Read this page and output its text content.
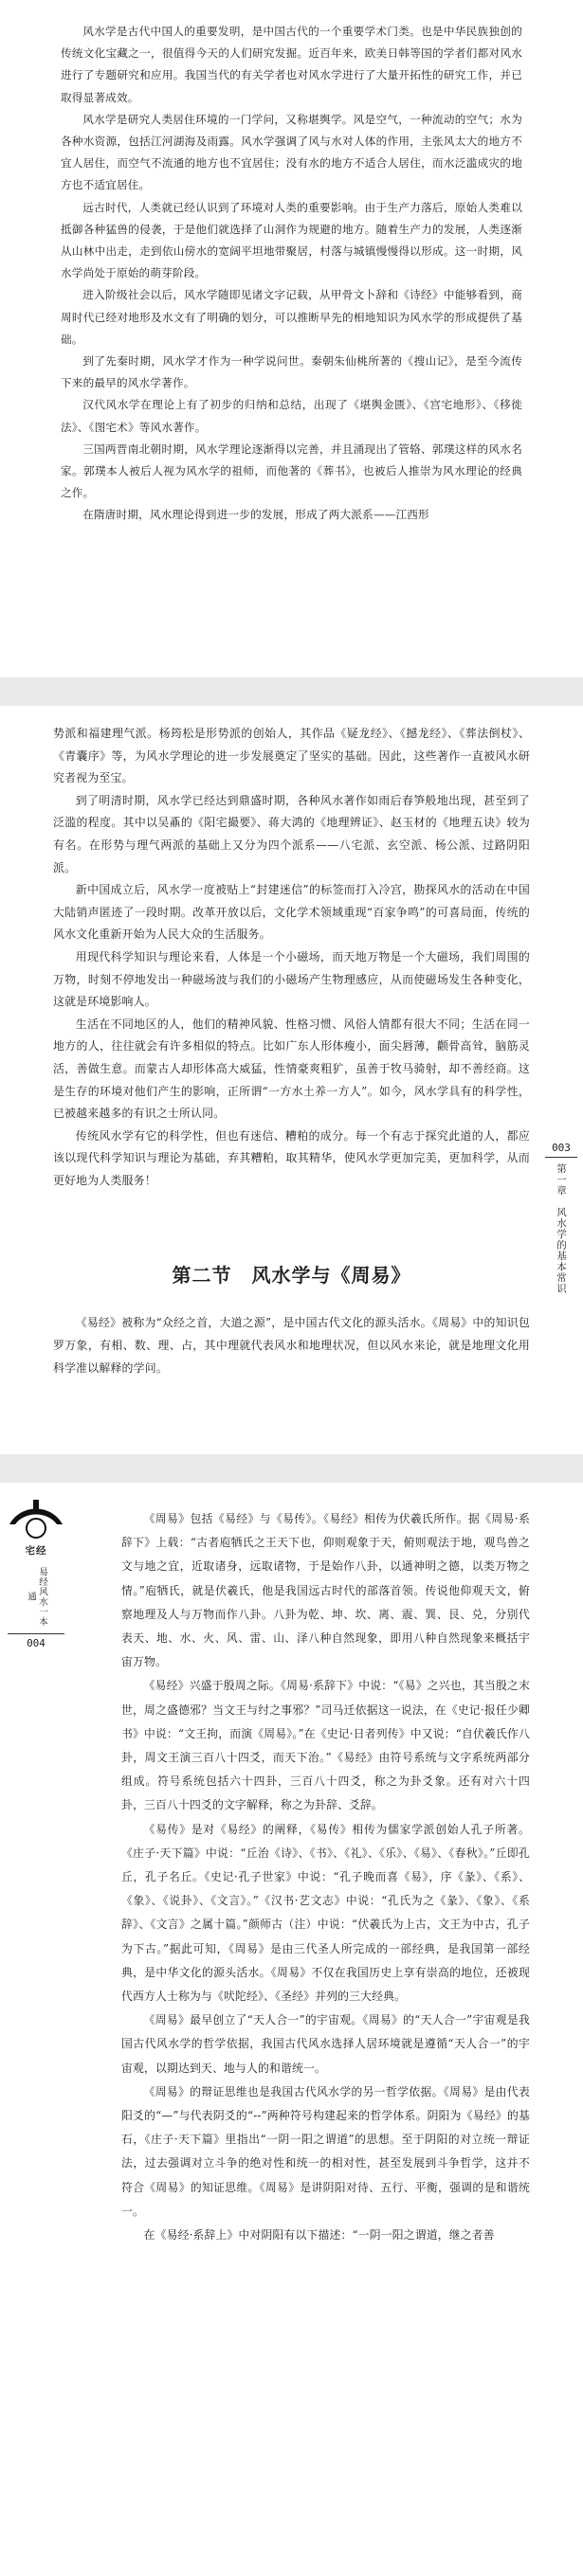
风水学是古代中国人的重要发明，是中国古代的一个重要学术门类。也是中华民族独创的传统文化宝藏之一，很值得今天的人们研究发掘。近百年来，欧美日韩等国的学者们都对风水进行了专题研究和应用。我国当代的有关学者也对风水学进行了大量开拓性的研究工作，并已取得显著成效。

风水学是研究人类居住环境的一门学问，又称堪舆学。风是空气，一种流动的空气；水为各种水资源，包括江河湖海及雨露。风水学强调了风与水对人体的作用，主张风太大的地方不宜人居住，而空气不流通的地方也不宜居住；没有水的地方不适合人居住，而水泛滥成灾的地方也不适宜居住。

远古时代，人类就已经认识到了环境对人类的重要影响。由于生产力落后，原始人类难以抵御各种猛兽的侵袭，于是他们就选择了山洞作为规避的地方。随着生产力的发展，人类逐渐从山林中出走，走到依山傍水的宽阔平坦地带聚居，村落与城镇慢慢得以形成。这一时期，风水学尚处于原始的萌芽阶段。

进入阶级社会以后，风水学随即见诸文字记载，从甲骨文卜辞和《诗经》中能够看到，商周时代已经对地形及水文有了明确的划分，可以推断早先的相地知识为风水学的形成提供了基础。

到了先秦时期，风水学才作为一种学说问世。秦朝朱仙桃所著的《搜山记》，是至今流传下来的最早的风水学著作。

汉代风水学在理论上有了初步的归纳和总结，出现了《堪舆金匮》、《宫宅地形》、《移徙法》、《图宅术》等风水著作。

三国两晋南北朝时期，风水学理论逐渐得以完善，并且涌现出了管辂、郭璞这样的风水名家。郭璞本人被后人视为风水学的祖师，而他著的《葬书》，也被后人推崇为风水理论的经典之作。

在隋唐时期，风水理论得到进一步的发展，形成了两大派系——江西形

势派和福建理气派。杨筠松是形势派的创始人，其作品《疑龙经》、《撼龙经》、《葬法倒杖》、《青囊序》等，为风水学理论的进一步发展奠定了坚实的基础。因此，这些著作一直被风水研究者视为至宝。

到了明清时期，风水学已经达到鼎盛时期，各种风水著作如雨后春笋般地出现，甚至到了泛滥的程度。其中以吴鼒的《阳宅撮要》、蒋大鸿的《地理辨证》、赵玉材的《地理五诀》较为有名。在形势与理气两派的基础上又分为四个派系——八宅派、玄空派、杨公派、过路阴阳派。

新中国成立后，风水学一度被贴上“封建迷信”的标签而打入冷宫，勘探风水的活动在中国大陆销声匿迹了一段时期。改革开放以后，文化学术领域重现“百家争鸣”的可喜局面，传统的风水文化重新开始为人民大众的生活服务。

用现代科学知识与理论来看，人体是一个小磁场，而天地万物是一个大磁场，我们周围的万物，时刻不停地发出一种磁场波与我们的小磁场产生物理感应，从而使磁场发生各种变化，这就是环境影响人。

生活在不同地区的人，他们的精神风貌、性格习惯、风俗人情都有很大不同；生活在同一地方的人，往往就会有许多相似的特点。比如广东人形体瘦小，面尖唇薄，颧骨高耸，脑筋灵活，善做生意。而蒙古人却形体高大威猛，性情豪爽粗犷，虽善于牧马骑射，却不善经商。这是生存的环境对他们产生的影响，正所谓“一方水土养一方人”。如今，风水学具有的科学性，已被越来越多的有识之士所认同。

传统风水学有它的科学性，但也有迷信、糟粕的成分。每一个有志于探究此道的人，都应该以现代科学知识与理论为基础，弃其糟粕，取其精华，使风水学更加完美，更加科学，从而更好地为人类服务！

第二节　风水学与《周易》

《易经》被称为“众经之首，大道之源”，是中国古代文化的源头活水。《周易》中的知识包罗万象，有相、数、理、占，其中理就代表风水和地理状况，但以风水来论，就是地理文化用科学准以解释的学问。

003
第一章　风水学的基本常识
宅经
易经风水一本通
004

《周易》包括《易经》与《易传》。《易经》相传为伏羲氏所作。据《周易·系辞下》上载：“古者庖牺氏之王天下也，仰则观象于天，俯则观法于地，观鸟兽之文与地之宜，近取诸身，远取诸物，于是始作八卦，以通神明之德，以类万物之情。”庖牺氏，就是伏羲氏，他是我国远古时代的部落首领。传说他仰观天文，俯察地理及人与万物而作八卦。八卦为乾、坤、坎、离、震、巽、艮、兑，分别代表天、地、水、火、风、雷、山、泽八种自然现象，即用八种自然现象来概括宇宙万物。

《易经》兴盛于殷周之际。《周易·系辞下》中说：“《易》之兴也，其当殷之末世，周之盛德邪？当文王与纣之事邪？”司马迁依据这一说法，在《史记·报任少卿书》中说：“文王拘，而演《周易》。”在《史记·日者列传》中又说：“自伏羲氏作八卦，周文王演三百八十四爻，而天下治。”《易经》由符号系统与文字系统两部分组成。符号系统包括六十四卦，三百八十四爻，称之为卦爻象。还有对六十四卦，三百八十四爻的文字解释，称之为卦辞、爻辞。

《易传》是对《易经》的阐释，《易传》相传为儒家学派创始人孔子所著。《庄子·天下篇》中说：“丘治《诗》、《书》、《礼》、《乐》、《易》、《春秋》。”丘即孔丘，孔子名丘。《史记·孔子世家》中说：“孔子晚而喜《易》，序《彖》、《系》、《象》、《说卦》、《文言》。”《汉书·艺文志》中说：“孔氏为之《彖》、《象》、《系辞》、《文言》之属十篇。”颜师古（注）中说：“伏羲氏为上古，文王为中古，孔子为下古。”据此可知，《周易》是由三代圣人所完成的一部经典，是我国第一部经典，是中华文化的源头活水。《周易》不仅在我国历史上享有崇高的地位，还被现代西方人士称为与《吠陀经》、《圣经》并列的三大经典。

《周易》最早创立了“天人合一”的宇宙观。《周易》的“天人合一”宇宙观是我国古代风水学的哲学依据，我国古代风水选择人居环境就是遵循“天人合一”的宇宙观，以期达到天、地与人的和谐统一。

《周易》的辩证思维也是我国古代风水学的另一哲学依据。《周易》是由代表阳爻的“—”与代表阴爻的“--”两种符号构建起来的哲学体系。阴阳为《易经》的基石，《庄子·天下篇》里指出“一阴一阳之谓道”的思想。至于阴阳的对立统一辩证法，过去强调对立斗争的绝对性和统一的相对性，甚至发展到斗争哲学，这并不符合《周易》的知证思维。《周易》是讲阴阳对待、五行、平衡，强调的是和谐统一。

在《易经·系辞上》中对阴阳有以下描述：“一阴一阳之谓道，继之者善
